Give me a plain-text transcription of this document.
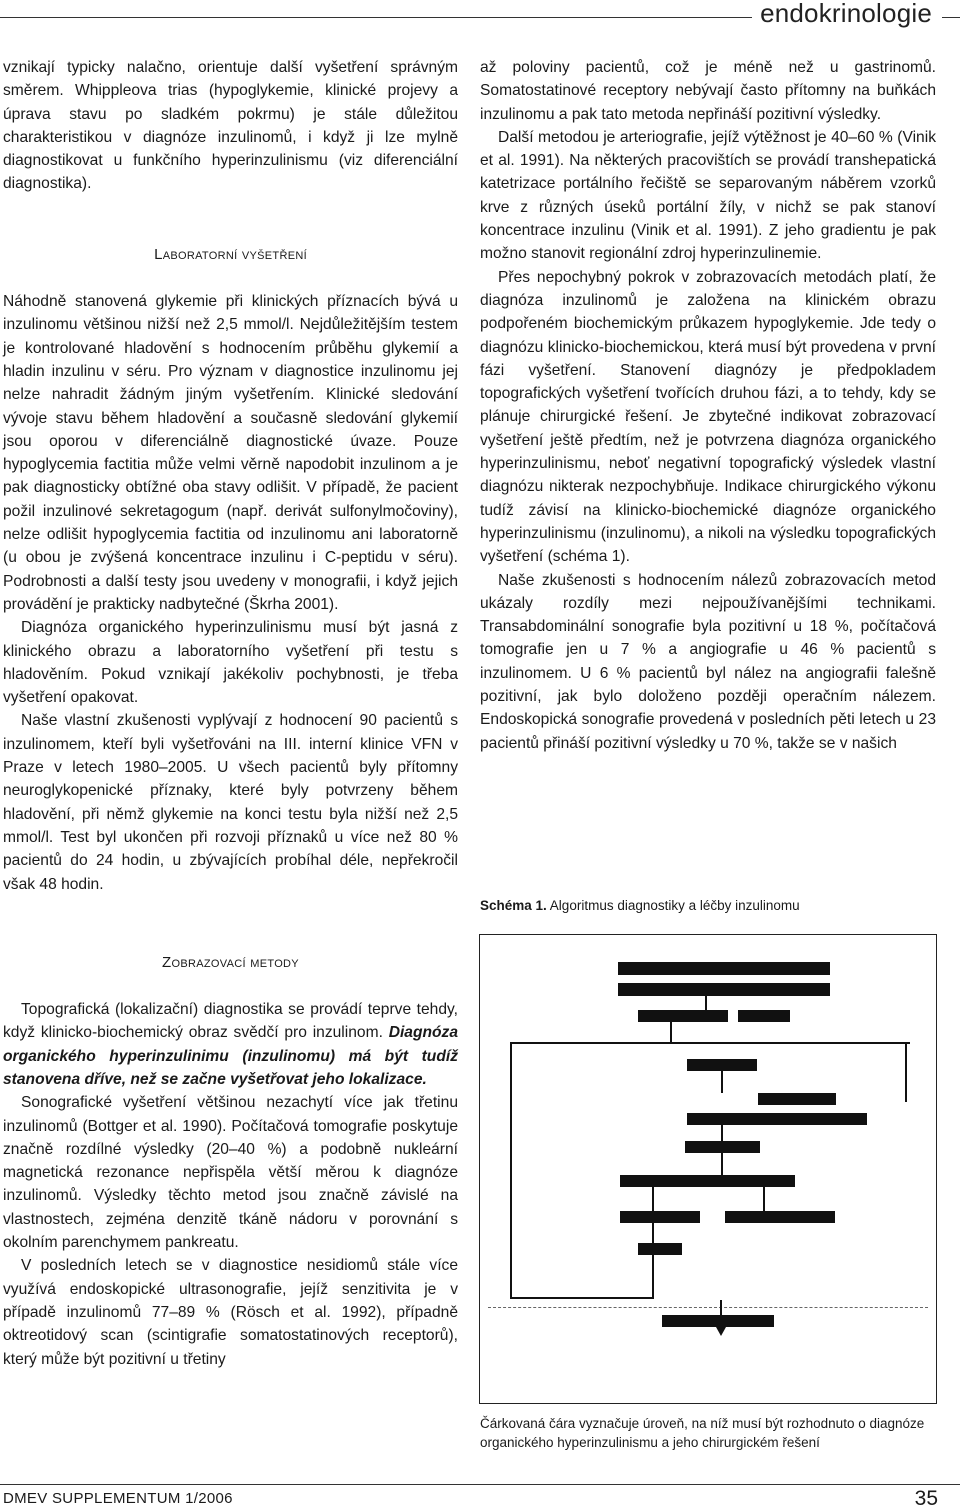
endokrinologie

vznikají typicky nalačno, orientuje další vyšetření správným směrem. Whippleova trias (hypoglykemie, klinické projevy a úprava stavu po sladkém pokrmu) je stále důležitou charakteristikou v diagnóze inzulinomů, i když ji lze mylně diagnostikovat u funkčního hyperinzulinismu (viz diferenciální diagnostika).

Laboratorní vyšetření

Náhodně stanovená glykemie při klinických příznacích bývá u inzulinomu většinou nižší než 2,5 mmol/l. Nejdůležitějším testem je kontrolované hladovění s hodnocením průběhu glykemií a hladin inzulinu v séru. Pro význam v diagnostice inzulinomu jej nelze nahradit žádným jiným vyšetřením. Klinické sledování vývoje stavu během hladovění a současně sledování glykemií jsou oporou v diferenciálně diagnostické úvaze. Pouze hypoglycemia factitia může velmi věrně napodobit inzulinom a je pak diagnosticky obtížné oba stavy odlišit. V případě, že pacient požil inzulinové sekretagogum (např. derivát sulfonylmočoviny), nelze odlišit hypoglycemia factitia od inzulinomu ani laboratorně (u obou je zvýšená koncentrace inzulinu i C-peptidu v séru). Podrobnosti a další testy jsou uvedeny v monografii, i když jejich provádění je prakticky nadbytečné (Škrha 2001).

Diagnóza organického hyperinzulinismu musí být jasná z klinického obrazu a laboratorního vyšetření při testu s hladověním. Pokud vznikají jakékoliv pochybnosti, je třeba vyšetření opakovat.

Naše vlastní zkušenosti vyplývají z hodnocení 90 pacientů s inzulinomem, kteří byli vyšetřováni na III. interní klinice VFN v Praze v letech 1980–2005. U všech pacientů byly přítomny neuroglykopenické příznaky, které byly potvrzeny během hladovění, při němž glykemie na konci testu byla nižší než 2,5 mmol/l. Test byl ukončen při rozvoji příznaků u více než 80 % pacientů do 24 hodin, u zbývajících probíhal déle, nepřekročil však 48 hodin.

Zobrazovací metody

Topografická (lokalizační) diagnostika se provádí teprve tehdy, když klinicko-biochemický obraz svědčí pro inzulinom. Diagnóza organického hyperinzulinimu (inzulinomu) má být tudíž stanovena dříve, než se začne vyšetřovat jeho lokalizace.

Sonografické vyšetření většinou nezachytí více jak třetinu inzulinomů (Bottger et al. 1990). Počítačová tomografie poskytuje značně rozdílné výsledky (20–40 %) a podobně nukleární magnetická rezonance nepřispěla větší měrou k diagnóze inzulinomů. Výsledky těchto metod jsou značně závislé na vlastnostech, zejména denzitě tkáně nádoru v porovnání s okolním parenchymem pankreatu.

V posledních letech se v diagnostice nesidiomů stále více využívá endoskopické ultrasonografie, jejíž senzitivita je v případě inzulinomů 77–89 % (Rösch et al. 1992), případně oktreotidový scan (scintigrafie somatostatinových receptorů), který může být pozitivní u třetiny

až poloviny pacientů, což je méně než u gastrinomů. Somatostatinové receptory nebývají často přítomny na buňkách inzulinomu a pak tato metoda nepřináší pozitivní výsledky.

Další metodou je arteriografie, jejíž výtěžnost je 40–60 % (Vinik et al. 1991). Na některých pracovištích se provádí transhepatická katetrizace portálního řečiště se separovaným náběrem vzorků krve z různých úseků portální žíly, v nichž se pak stanoví koncentrace inzulinu (Vinik et al. 1991). Z jeho gradientu je pak možno stanovit regionální zdroj hyperinzulinemie.

Přes nepochybný pokrok v zobrazovacích metodách platí, že diagnóza inzulinomů je založena na klinickém obrazu podpořeném biochemickým průkazem hypoglykemie. Jde tedy o diagnózu klinicko-biochemickou, která musí být provedena v první fázi vyšetření. Stanovení diagnózy je předpokladem topografických vyšetření tvořících druhou fázi, a to tehdy, kdy se plánuje chirurgické řešení. Je zbytečné indikovat zobrazovací vyšetření ještě předtím, než je potvrzena diagnóza organického hyperinzulinismu, neboť negativní topografický výsledek vlastní diagnózu nikterak nezpochybňuje. Indikace chirurgického výkonu tudíž závisí na klinicko-biochemické diagnóze organického hyperinzulinismu (inzulinomu), a nikoli na výsledku topografických vyšetření (schéma 1).

Naše zkušenosti s hodnocením nálezů zobrazovacích metod ukázaly rozdíly mezi nejpoužívanějšími technikami. Transabdominální sonografie byla pozitivní u 18 %, počítačová tomografie jen u 7 % a angiografie u 46 % pacientů s inzulinomem. U 6 % pacientů byl nález na angiografii falešně pozitivní, jak bylo doloženo později operačním nálezem. Endoskopická sonografie provedená v posledních pěti letech u 23 pacientů přináší pozitivní výsledky u 70 %, takže se v našich

Schéma 1. Algoritmus diagnostiky a léčby inzulinomu
Čárkovaná čára vyznačuje úroveň, na níž musí být rozhodnuto o diagnóze organického hyperinzulinismu a jeho chirurgickém řešení
DMEV SUPPLEMENTUM 1/2006	35
